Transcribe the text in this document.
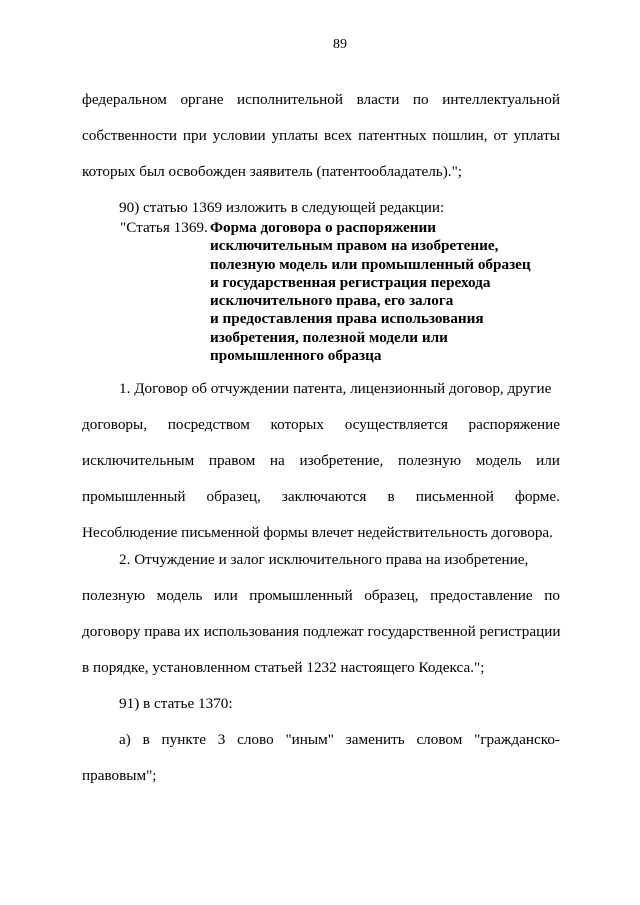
89
федеральном органе исполнительной власти по интеллектуальной
собственности при условии уплаты всех патентных пошлин, от уплаты
которых был освобожден заявитель (патентообладатель).";
90) статью 1369 изложить в следующей редакции:
"Статья 1369. Форма договора о распоряжении
исключительным правом на изобретение,
полезную модель или промышленный образец
и государственная регистрация перехода
исключительного права, его залога
и предоставления права использования
изобретения, полезной модели или
промышленного образца
1. Договор об отчуждении патента, лицензионный договор, другие
договоры, посредством которых осуществляется распоряжение
исключительным правом на изобретение, полезную модель или
промышленный образец, заключаются в письменной форме.
Несоблюдение письменной формы влечет недействительность договора.
2. Отчуждение и залог исключительного права на изобретение,
полезную модель или промышленный образец, предоставление по
договору права их использования подлежат государственной регистрации
в порядке, установленном статьей 1232 настоящего Кодекса.";
91) в статье 1370:
а) в пункте 3 слово "иным" заменить словом "гражданско-
правовым";
